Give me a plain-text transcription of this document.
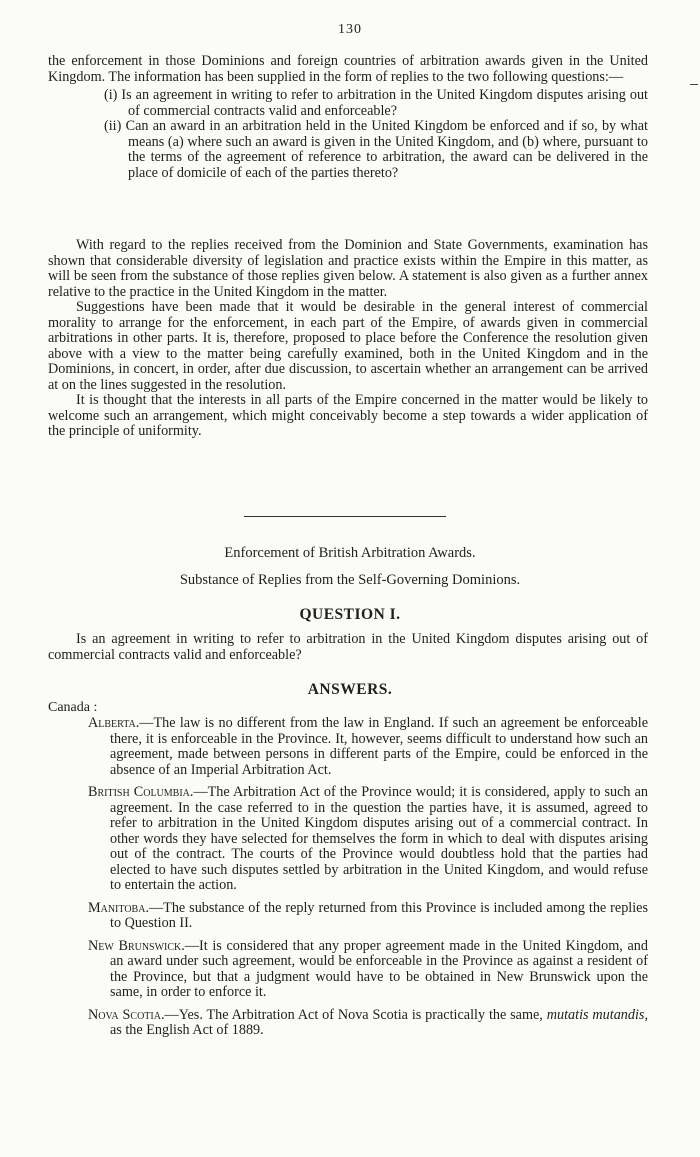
130

the enforcement in those Dominions and foreign countries of arbitration awards given in the United Kingdom. The information has been supplied in the form of replies to the two following questions:—

(i) Is an agreement in writing to refer to arbitration in the United Kingdom disputes arising out of commercial contracts valid and enforceable?

(ii) Can an award in an arbitration held in the United Kingdom be enforced and if so, by what means (a) where such an award is given in the United Kingdom, and (b) where, pursuant to the terms of the agreement of reference to arbitration, the award can be delivered in the place of domicile of each of the parties thereto?

With regard to the replies received from the Dominion and State Governments, examination has shown that considerable diversity of legislation and practice exists within the Empire in this matter, as will be seen from the substance of those replies given below. A statement is also given as a further annex relative to the practice in the United Kingdom in the matter.

Suggestions have been made that it would be desirable in the general interest of commercial morality to arrange for the enforcement, in each part of the Empire, of awards given in commercial arbitrations in other parts. It is, therefore, proposed to place before the Conference the resolution given above with a view to the matter being carefully examined, both in the United Kingdom and in the Dominions, in concert, in order, after due discussion, to ascertain whether an arrangement can be arrived at on the lines suggested in the resolution.

It is thought that the interests in all parts of the Empire concerned in the matter would be likely to welcome such an arrangement, which might conceivably become a step towards a wider application of the principle of uniformity.

Enforcement of British Arbitration Awards.
Substance of Replies from the Self-Governing Dominions.
QUESTION I.

Is an agreement in writing to refer to arbitration in the United Kingdom disputes arising out of commercial contracts valid and enforceable?

ANSWERS.
Canada :

Alberta.—The law is no different from the law in England. If such an agreement be enforceable there, it is enforceable in the Province. It, however, seems difficult to understand how such an agreement, made between persons in different parts of the Empire, could be enforced in the absence of an Imperial Arbitration Act.

British Columbia.—The Arbitration Act of the Province would; it is considered, apply to such an agreement. In the case referred to in the question the parties have, it is assumed, agreed to refer to arbitration in the United Kingdom disputes arising out of a commercial contract. In other words they have selected for themselves the form in which to deal with disputes arising out of the contract. The courts of the Province would doubtless hold that the parties had elected to have such disputes settled by arbitration in the United Kingdom, and would refuse to entertain the action.

Manitoba.—The substance of the reply returned from this Province is included among the replies to Question II.

New Brunswick.—It is considered that any proper agreement made in the United Kingdom, and an award under such agreement, would be enforceable in the Province as against a resident of the Province, but that a judgment would have to be obtained in New Brunswick upon the same, in order to enforce it.

Nova Scotia.—Yes. The Arbitration Act of Nova Scotia is practically the same, mutatis mutandis, as the English Act of 1889.
